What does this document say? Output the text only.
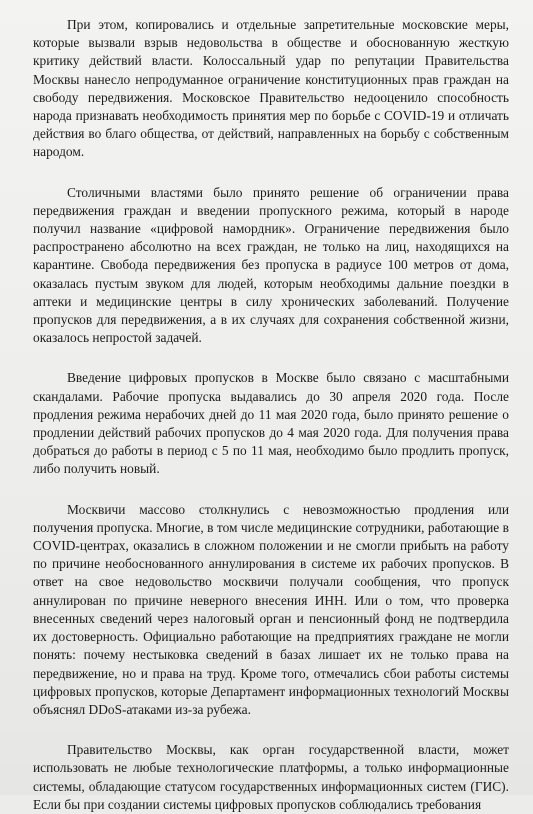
При этом, копировались и отдельные запретительные московские меры, которые вызвали взрыв недовольства в обществе и обоснованную жесткую критику действий власти. Колоссальный удар по репутации Правительства Москвы нанесло непродуманное ограничение конституционных прав граждан на свободу передвижения. Московское Правительство недооценило способность народа признавать необходимость принятия мер по борьбе с COVID-19 и отличать действия во благо общества, от действий, направленных на борьбу с собственным народом.

Столичными властями было принято решение об ограничении права передвижения граждан и введении пропускного режима, который в народе получил название «цифровой намордник». Ограничение передвижения было распространено абсолютно на всех граждан, не только на лиц, находящихся на карантине. Свобода передвижения без пропуска в радиусе 100 метров от дома, оказалась пустым звуком для людей, которым необходимы дальние поездки в аптеки и медицинские центры в силу хронических заболеваний. Получение пропусков для передвижения, а в их случаях для сохранения собственной жизни, оказалось непростой задачей.

Введение цифровых пропусков в Москве было связано с масштабными скандалами. Рабочие пропуска выдавались до 30 апреля 2020 года. После продления режима нерабочих дней до 11 мая 2020 года, было принято решение о продлении действий рабочих пропусков до 4 мая 2020 года. Для получения права добраться до работы в период с 5 по 11 мая, необходимо было продлить пропуск, либо получить новый.

Москвичи массово столкнулись с невозможностью продления или получения пропуска. Многие, в том числе медицинские сотрудники, работающие в COVID-центрах, оказались в сложном положении и не смогли прибыть на работу по причине необоснованного аннулирования в системе их рабочих пропусков. В ответ на свое недовольство москвичи получали сообщения, что пропуск аннулирован по причине неверного внесения ИНН. Или о том, что проверка внесенных сведений через налоговый орган и пенсионный фонд не подтвердила их достоверность. Официально работающие на предприятиях граждане не могли понять: почему нестыковка сведений в базах лишает их не только права на передвижение, но и права на труд. Кроме того, отмечались сбои работы системы цифровых пропусков, которые Департамент информационных технологий Москвы объяснял DDoS-атаками из-за рубежа.

Правительство Москвы, как орган государственной власти, может использовать не любые технологические платформы, а только информационные системы, обладающие статусом государственных информационных систем (ГИС). Если бы при создании системы цифровых пропусков соблюдались требования
